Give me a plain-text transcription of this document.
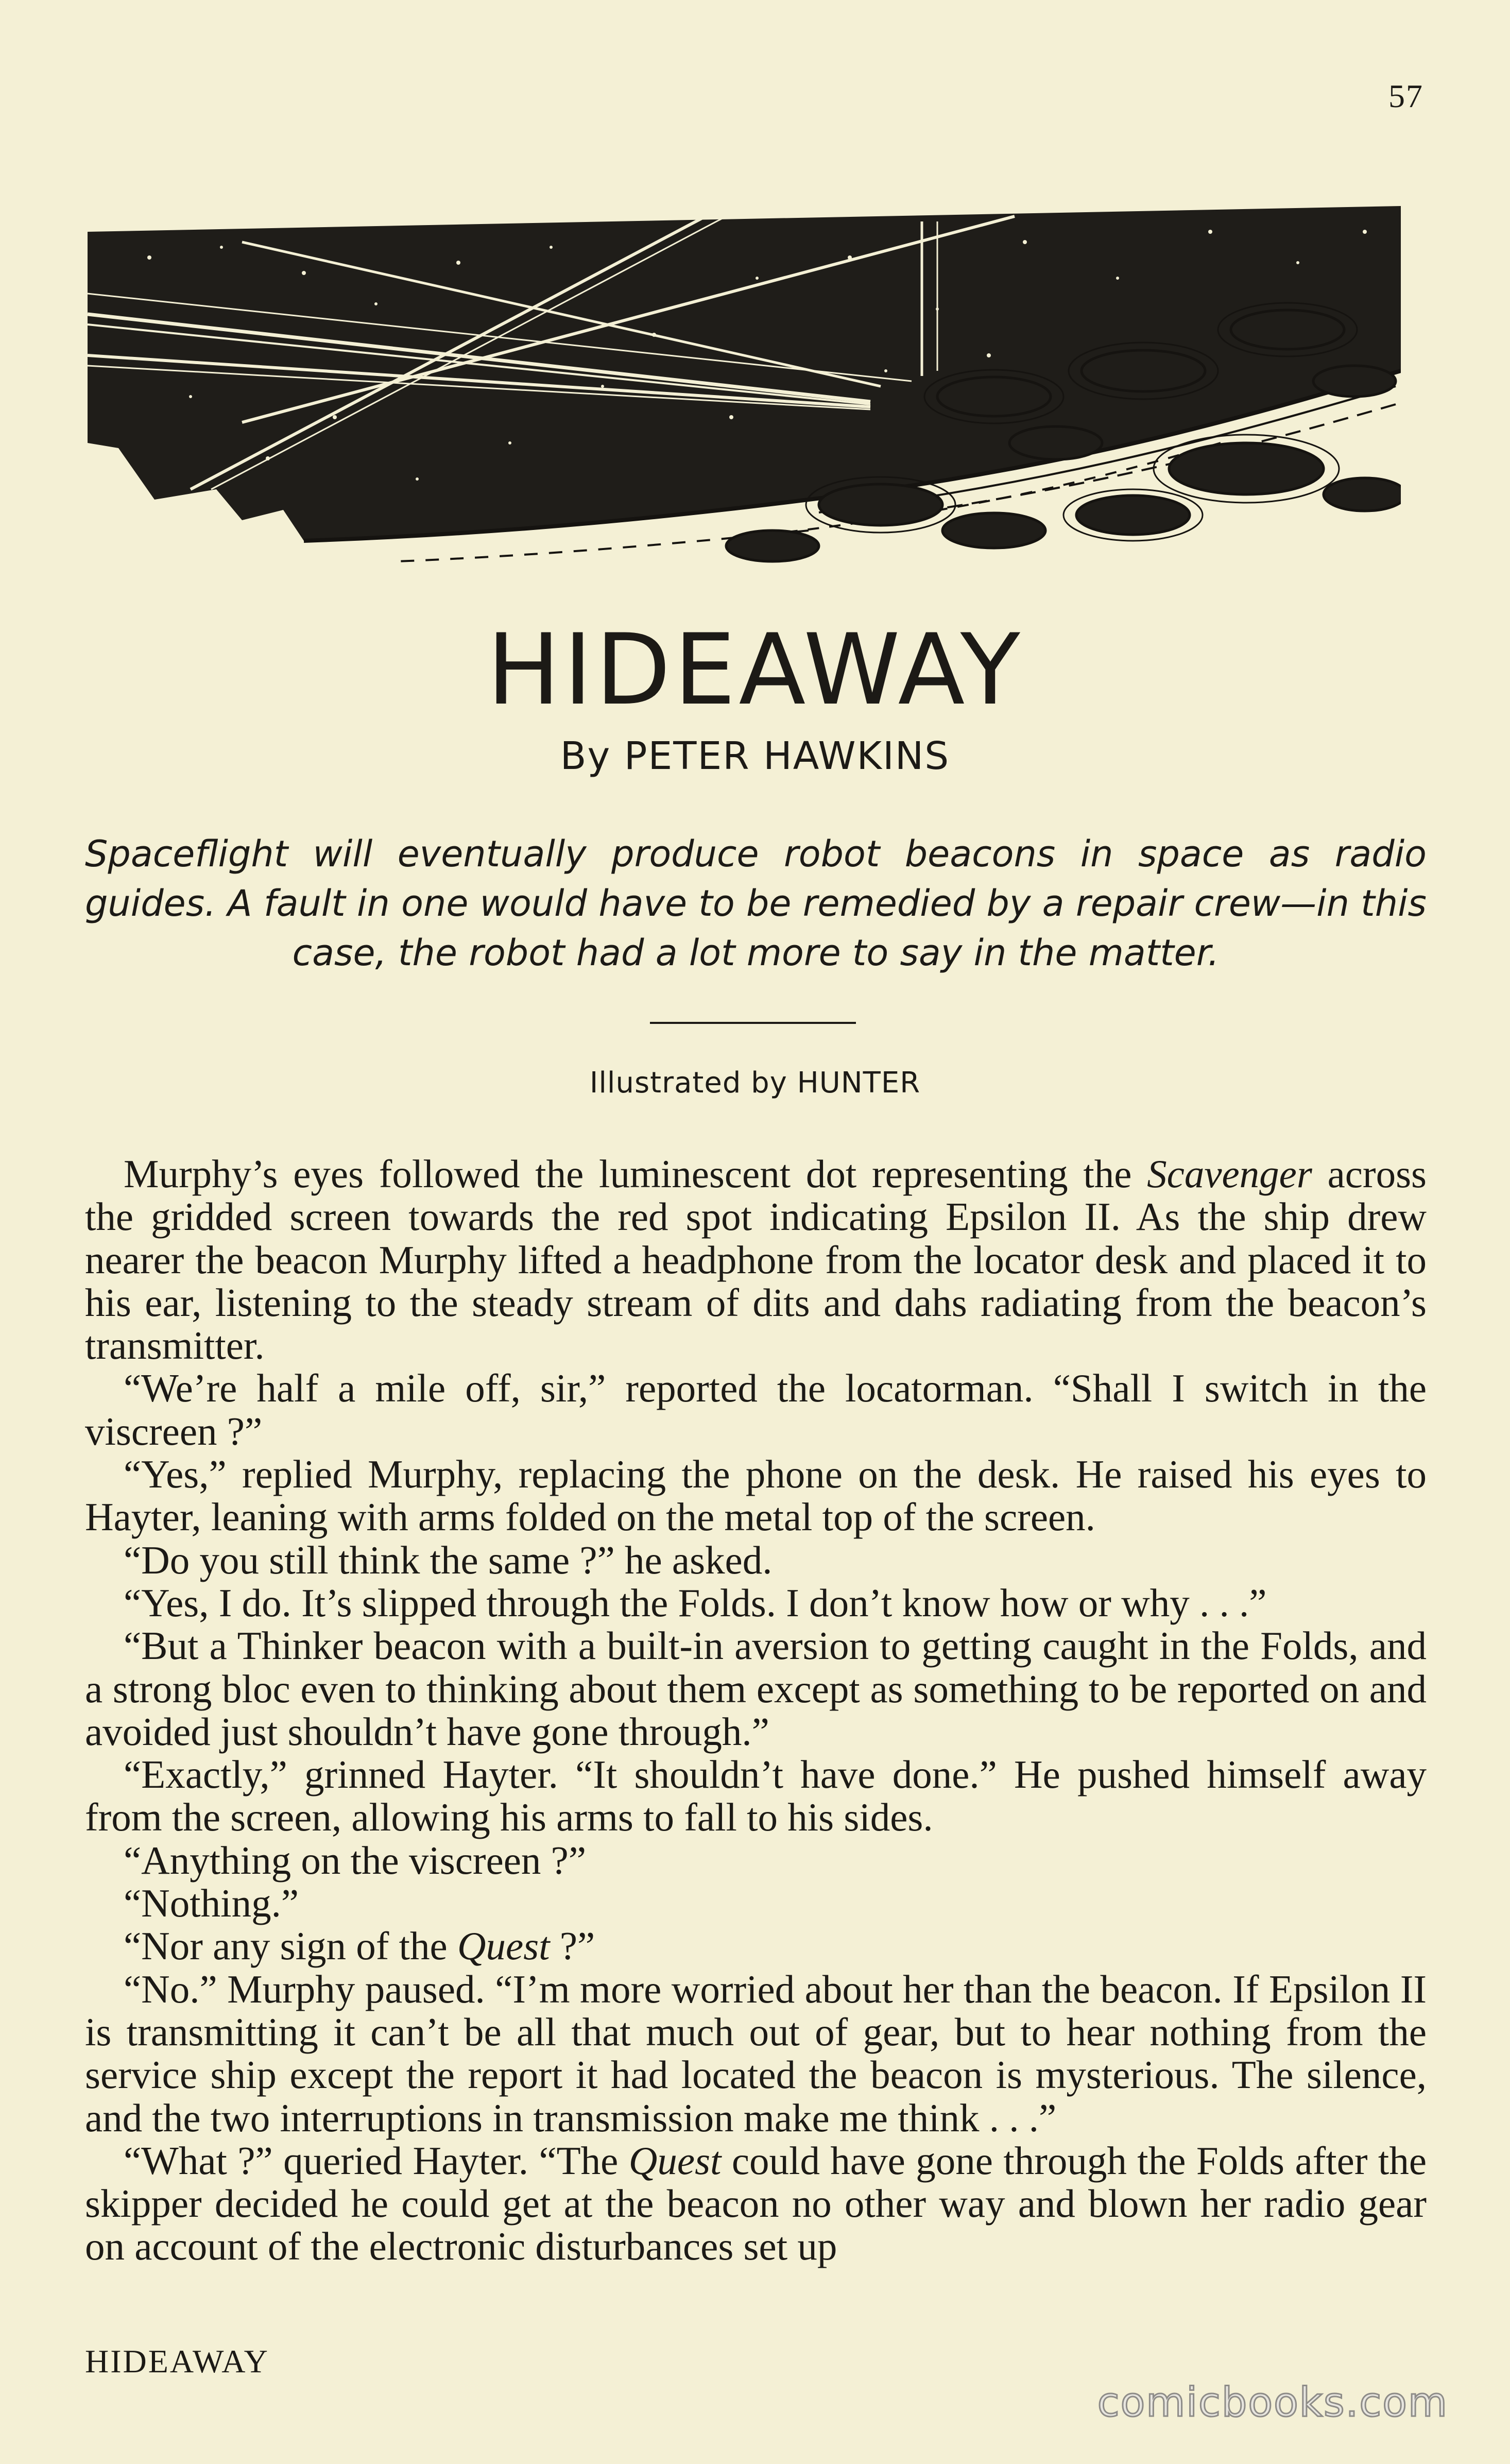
57
HIDEAWAY
By PETER HAWKINS
Spaceflight will eventually produce robot beacons in space as radio guides. A fault in one would have to be remedied by a repair crew—in this case, the robot had a lot more to say in the matter.
Illustrated by HUNTER

Murphy’s eyes followed the luminescent dot representing the Scavenger across the gridded screen towards the red spot indicating Epsilon II. As the ship drew nearer the beacon Murphy lifted a headphone from the locator desk and placed it to his ear, listening to the steady stream of dits and dahs radiating from the beacon’s transmitter.

“We’re half a mile off, sir,” reported the locatorman. “Shall I switch in the viscreen ?”

“Yes,” replied Murphy, replacing the phone on the desk. He raised his eyes to Hayter, leaning with arms folded on the metal top of the screen.

“Do you still think the same ?” he asked.

“Yes, I do. It’s slipped through the Folds. I don’t know how or why . . .”

“But a Thinker beacon with a built-in aversion to getting caught in the Folds, and a strong bloc even to thinking about them except as something to be reported on and avoided just shouldn’t have gone through.”

“Exactly,” grinned Hayter. “It shouldn’t have done.” He pushed himself away from the screen, allowing his arms to fall to his sides.

“Anything on the viscreen ?”

“Nothing.”

“Nor any sign of the Quest ?”

“No.” Murphy paused. “I’m more worried about her than the beacon. If Epsilon II is transmitting it can’t be all that much out of gear, but to hear nothing from the service ship except the report it had located the beacon is mysterious. The silence, and the two interruptions in transmission make me think . . .”

“What ?” queried Hayter. “The Quest could have gone through the Folds after the skipper decided he could get at the beacon no other way and blown her radio gear on account of the electronic disturbances set up

HIDEAWAY
comicbooks.com
